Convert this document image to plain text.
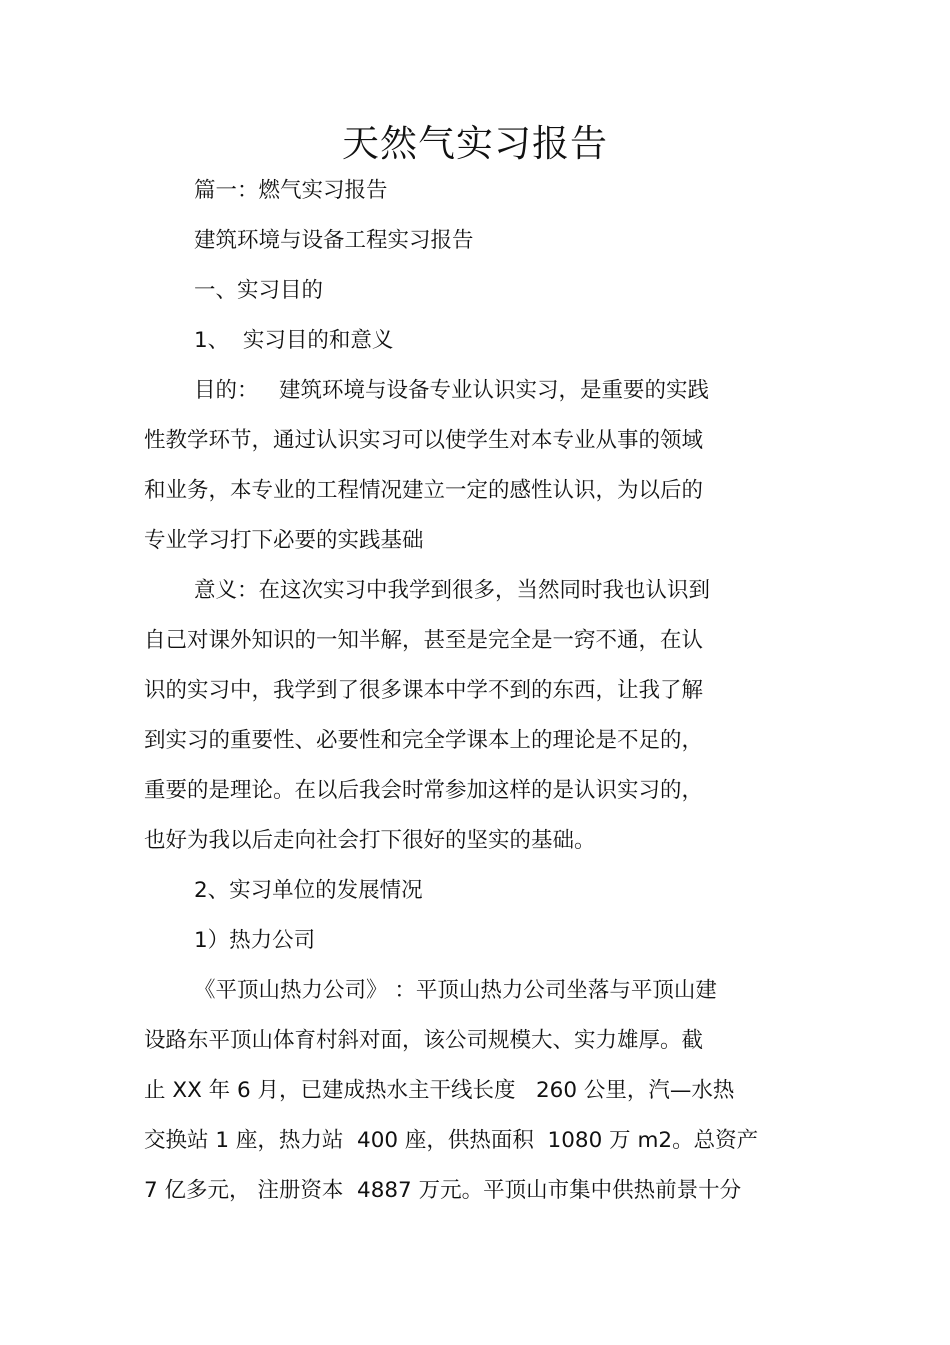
天然气实习报告

篇一：燃气实习报告

建筑环境与设备工程实习报告

一、实习目的

1、  实习目的和意义

目的：   建筑环境与设备专业认识实习，是重要的实践

性教学环节，通过认识实习可以使学生对本专业从事的领域

和业务，本专业的工程情况建立一定的感性认识，为以后的

专业学习打下必要的实践基础

意义：在这次实习中我学到很多，当然同时我也认识到

自己对课外知识的一知半解，甚至是完全是一窍不通，在认

识的实习中，我学到了很多课本中学不到的东西，让我了解

到实习的重要性、必要性和完全学课本上的理论是不足的，

重要的是理论。在以后我会时常参加这样的是认识实习的，

也好为我以后走向社会打下很好的坚实的基础。

2、实习单位的发展情况

1）热力公司

《平顶山热力公司》 ：平顶山热力公司坐落与平顶山建

设路东平顶山体育村斜对面，该公司规模大、实力雄厚。截

止 XX 年 6 月，已建成热水主干线长度   260 公里，汽—水热

交换站 1 座，热力站  400 座，供热面积  1080 万 m2。总资产

7 亿多元， 注册资本  4887 万元。平顶山市集中供热前景十分
